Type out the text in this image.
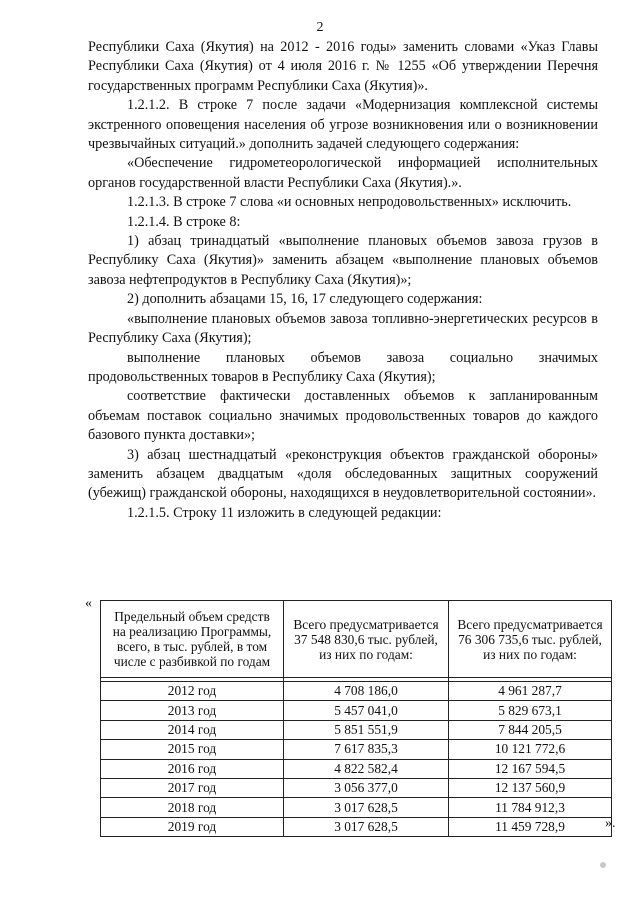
2

Республики Саха (Якутия) на 2012 - 2016 годы» заменить словами «Указ Главы Республики Саха (Якутия) от 4 июля 2016 г. № 1255 «Об утверждении Перечня государственных программ Республики Саха (Якутия)».

1.2.1.2. В строке 7 после задачи «Модернизация комплексной системы экстренного оповещения населения об угрозе возникновения или о возникновении чрезвычайных ситуаций.» дополнить задачей следующего содержания:

«Обеспечение гидрометеорологической информацией исполнительных органов государственной власти Республики Саха (Якутия).».

1.2.1.3. В строке 7 слова «и основных непродовольственных» исключить.

1.2.1.4. В строке 8:

1) абзац тринадцатый «выполнение плановых объемов завоза грузов в Республику Саха (Якутия)» заменить абзацем «выполнение плановых объемов завоза нефтепродуктов в Республику Саха (Якутия)»;

2) дополнить абзацами 15, 16, 17 следующего содержания:

«выполнение плановых объемов завоза топливно-энергетических ресурсов в Республику Саха (Якутия);

выполнение плановых объемов завоза социально значимых продовольственных товаров в Республику Саха (Якутия);

соответствие фактически доставленных объемов к запланированным объемам поставок социально значимых продовольственных товаров до каждого базового пункта доставки»;

3) абзац шестнадцатый «реконструкция объектов гражданской обороны» заменить абзацем двадцатым «доля обследованных защитных сооружений (убежищ) гражданской обороны, находящихся в неудовлетворительной состоянии».

1.2.1.5. Строку 11 изложить в следующей редакции:

«
Предельный объем средств на реализацию Программы, всего, в тыс. рублей, в том числе с разбивкой по годам	Всего предусматривается 37 548 830,6 тыс. рублей, из них по годам:	Всего предусматривается 76 306 735,6 тыс. рублей, из них по годам:

2012 год	4 708 186,0	4 961 287,7
2013 год	5 457 041,0	5 829 673,1
2014 год	5 851 551,9	7 844 205,5
2015 год	7 617 835,3	10 121 772,6
2016 год	4 822 582,4	12 167 594,5
2017 год	3 056 377,0	12 137 560,9
2018 год	3 017 628,5	11 784 912,3
2019 год	3 017 628,5	11 459 728,9	».
